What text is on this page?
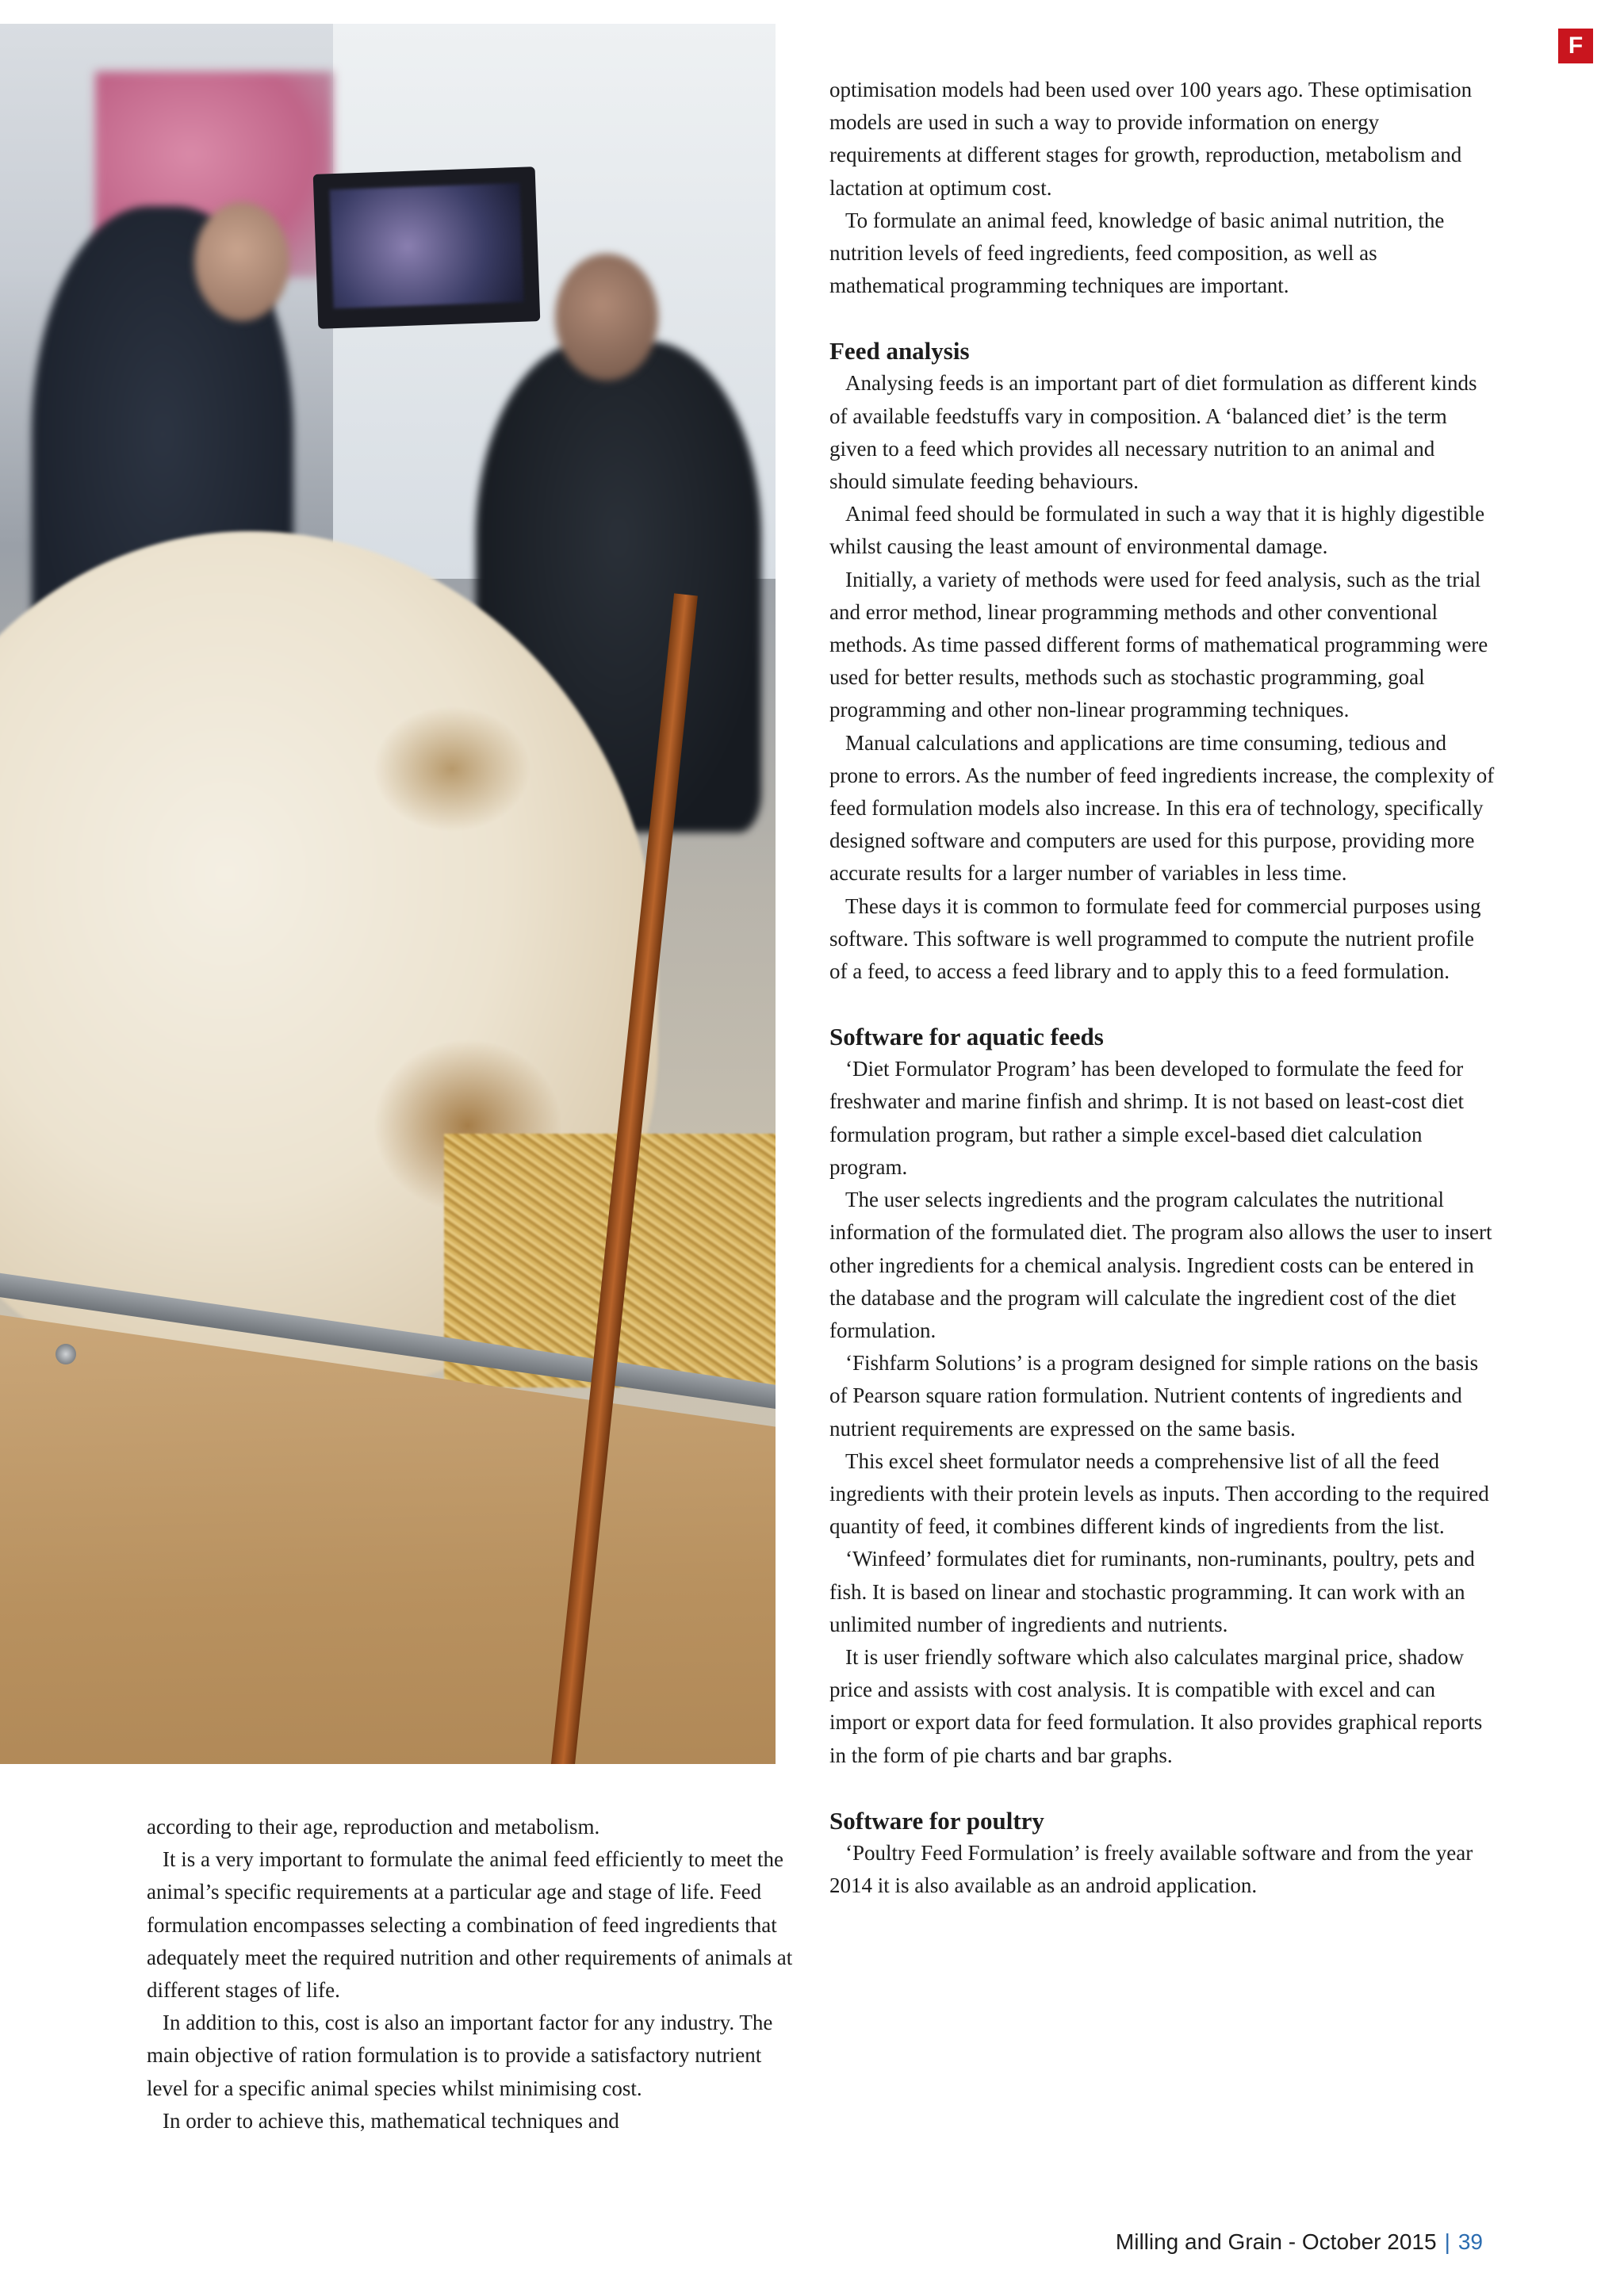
F

optimisation models had been used over 100 years ago. These optimisation models are used in such a way to provide information on energy requirements at different stages for growth, reproduction, metabolism and lactation at optimum cost.

To formulate an animal feed, knowledge of basic animal nutrition, the nutrition levels of feed ingredients, feed composition, as well as mathematical programming techniques are important.

Feed analysis

Analysing feeds is an important part of diet formulation as different kinds of available feedstuffs vary in composition. A ‘balanced diet’ is the term given to a feed which provides all necessary nutrition to an animal and should simulate feeding behaviours.

Animal feed should be formulated in such a way that it is highly digestible whilst causing the least amount of environmental damage.

Initially, a variety of methods were used for feed analysis, such as the trial and error method, linear programming methods and other conventional methods. As time passed different forms of mathematical programming were used for better results, methods such as stochastic programming, goal programming and other non-linear programming techniques.

Manual calculations and applications are time consuming, tedious and prone to errors. As the number of feed ingredients increase, the complexity of feed formulation models also increase. In this era of technology, specifically designed software and computers are used for this purpose, providing more accurate results for a larger number of variables in less time.

These days it is common to formulate feed for commercial purposes using software. This software is well programmed to compute the nutrient profile of a feed, to access a feed library and to apply this to a feed formulation.

Software for aquatic feeds

‘Diet Formulator Program’ has been developed to formulate the feed for freshwater and marine finfish and shrimp. It is not based on least-cost diet formulation program, but rather a simple excel-based diet calculation program.

The user selects ingredients and the program calculates the nutritional information of the formulated diet. The program also allows the user to insert other ingredients for a chemical analysis. Ingredient costs can be entered in the database and the program will calculate the ingredient cost of the diet formulation.

‘Fishfarm Solutions’ is a program designed for simple rations on the basis of Pearson square ration formulation. Nutrient contents of ingredients and nutrient requirements are expressed on the same basis.

This excel sheet formulator needs a comprehensive list of all the feed ingredients with their protein levels as inputs. Then according to the required quantity of feed, it combines different kinds of ingredients from the list.

‘Winfeed’ formulates diet for ruminants, non-ruminants, poultry, pets and fish. It is based on linear and stochastic programming. It can work with an unlimited number of ingredients and nutrients.

It is user friendly software which also calculates marginal price, shadow price and assists with cost analysis. It is compatible with excel and can import or export data for feed formulation. It also provides graphical reports in the form of pie charts and bar graphs.

Software for poultry

‘Poultry Feed Formulation’ is freely available software and from the year 2014 it is also available as an android application.

according to their age, reproduction and metabolism.

It is a very important to formulate the animal feed efficiently to meet the animal’s specific requirements at a particular age and stage of life. Feed formulation encompasses selecting a combination of feed ingredients that adequately meet the required nutrition and other requirements of animals at different stages of life.

In addition to this, cost is also an important factor for any industry. The main objective of ration formulation is to provide a satisfactory nutrient level for a specific animal species whilst minimising cost.

In order to achieve this, mathematical techniques and

Milling and Grain - October 2015 | 39
